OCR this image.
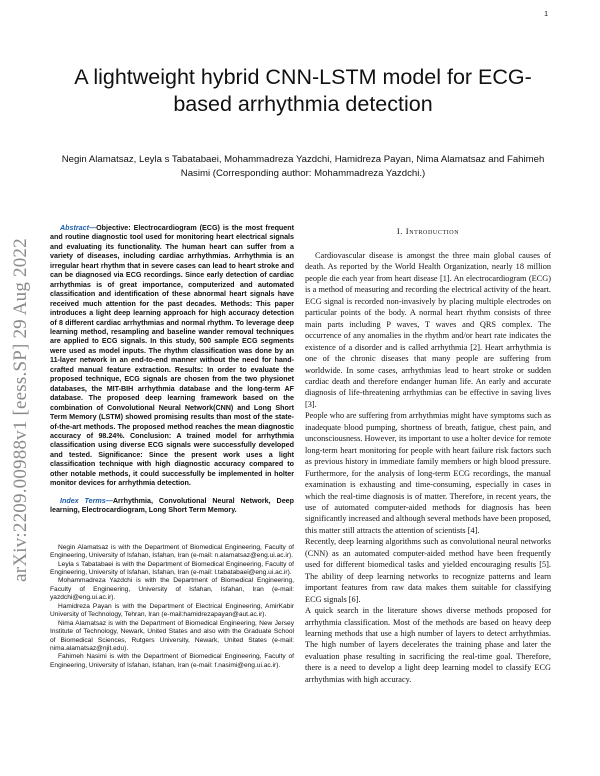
1
arXiv:2209.00988v1 [eess.SP] 29 Aug 2022
A lightweight hybrid CNN-LSTM model for ECG-based arrhythmia detection
Negin Alamatsaz, Leyla s Tabatabaei, Mohammadreza Yazdchi, Hamidreza Payan, Nima Alamatsaz and Fahimeh Nasimi (Corresponding author: Mohammadreza Yazdchi.)

Abstract—Objective: Electrocardiogram (ECG) is the most frequent and routine diagnostic tool used for monitoring heart electrical signals and evaluating its functionality. The human heart can suffer from a variety of diseases, including cardiac arrhythmias. Arrhythmia is an irregular heart rhythm that in severe cases can lead to heart stroke and can be diagnosed via ECG recordings. Since early detection of cardiac arrhythmias is of great importance, computerized and automated classification and identification of these abnormal heart signals have received much attention for the past decades. Methods: This paper introduces a light deep learning approach for high accuracy detection of 8 different cardiac arrhythmias and normal rhythm. To leverage deep learning method, resampling and baseline wander removal techniques are applied to ECG signals. In this study, 500 sample ECG segments were used as model inputs. The rhythm classification was done by an 11-layer network in an end-to-end manner without the need for hand-crafted manual feature extraction. Results: In order to evaluate the proposed technique, ECG signals are chosen from the two physionet databases, the MIT-BIH arrhythmia database and the long-term AF database. The proposed deep learning framework based on the combination of Convolutional Neural Network(CNN) and Long Short Term Memory (LSTM) showed promising results than most of the state-of-the-art methods. The proposed method reaches the mean diagnostic accuracy of 98.24%. Conclusion: A trained model for arrhythmia classification using diverse ECG signals were successfully developed and tested. Significance: Since the present work uses a light classification technique with high diagnostic accuracy compared to other notable methods, it could successfully be implemented in holter monitor devices for arrhythmia detection.

Index Terms—Arrhythmia, Convolutional Neural Network, Deep learning, Electrocardiogram, Long Short Term Memory.

Negin Alamatsaz is with the Department of Biomedical Engineering, Faculty of Engineering, University of Isfahan, Isfahan, Iran (e-mail: n.alamatsaz@eng.ui.ac.ir).

Leyla s Tabatabaei is with the Department of Biomedical Engineering, Faculty of Engineering, University of Isfahan, Isfahan, Iran (e-mail: l.tabatabaei@eng.ui.ac.ir).

Mohammadreza Yazdchi is with the Department of Biomedical Engineering, Faculty of Engineering, University of Isfahan, Isfahan, Iran (e-mail: yazdchi@eng.ui.ac.ir).

Hamidreza Payan is with the Department of Electrical Engineering, AmirKabir University of Technology, Tehran, Iran (e-mail:hamidrezapayan@aut.ac.ir).

Nima Alamatsaz is with the Department of Biomedical Engineering, New Jersey Institute of Technology, Newark, United States and also with the Graduate School of Biomedical Sciences, Rutgers University, Newark, United States (e-mail: nima.alamatsaz@njit.edu).

Fahimeh Nasimi is with the Department of Biomedical Engineering, Faculty of Engineering, University of Isfahan, Isfahan, Iran (e-mail: f.nasimi@eng.ui.ac.ir).

I. Introduction

Cardiovascular disease is amongst the three main global causes of death. As reported by the World Health Organization, nearly 18 million people die each year from heart disease [1]. An electrocardiogram (ECG) is a method of measuring and recording the electrical activity of the heart. ECG signal is recorded non-invasively by placing multiple electrodes on particular points of the body. A normal heart rhythm consists of three main parts including P waves, T waves and QRS complex. The occurrence of any anomalies in the rhythm and/or heart rate indicates the existence of a disorder and is called arrhythmia [2]. Heart arrhythmia is one of the chronic diseases that many people are suffering from worldwide. In some cases, arrhythmias lead to heart stroke or sudden cardiac death and therefore endanger human life. An early and accurate diagnosis of life-threatening arrhythmias can be effective in saving lives [3].

People who are suffering from arrhythmias might have symptoms such as inadequate blood pumping, shortness of breath, fatigue, chest pain, and unconsciousness. However, its important to use a holter device for remote long-term heart monitoring for people with heart failure risk factors such as previous history in immediate family members or high blood pressure. Furthermore, for the analysis of long-term ECG recordings, the manual examination is exhausting and time-consuming, especially in cases in which the real-time diagnosis is of matter. Therefore, in recent years, the use of automated computer-aided methods for diagnosis has been significantly increased and although several methods have been proposed, this matter still attracts the attention of scientists [4].

Recently, deep learning algorithms such as convolutional neural networks (CNN) as an automated computer-aided method have been frequently used for different biomedical tasks and yielded encouraging results [5]. The ability of deep learning networks to recognize patterns and learn important features from raw data makes them suitable for classifying ECG signals [6].

A quick search in the literature shows diverse methods proposed for arrhythmia classification. Most of the methods are based on heavy deep learning methods that use a high number of layers to detect arrhythmias. The high number of layers decelerates the training phase and later the evaluation phase resulting in sacrificing the real-time goal. Therefore, there is a need to develop a light deep learning model to classify ECG arrhythmias with high accuracy.
